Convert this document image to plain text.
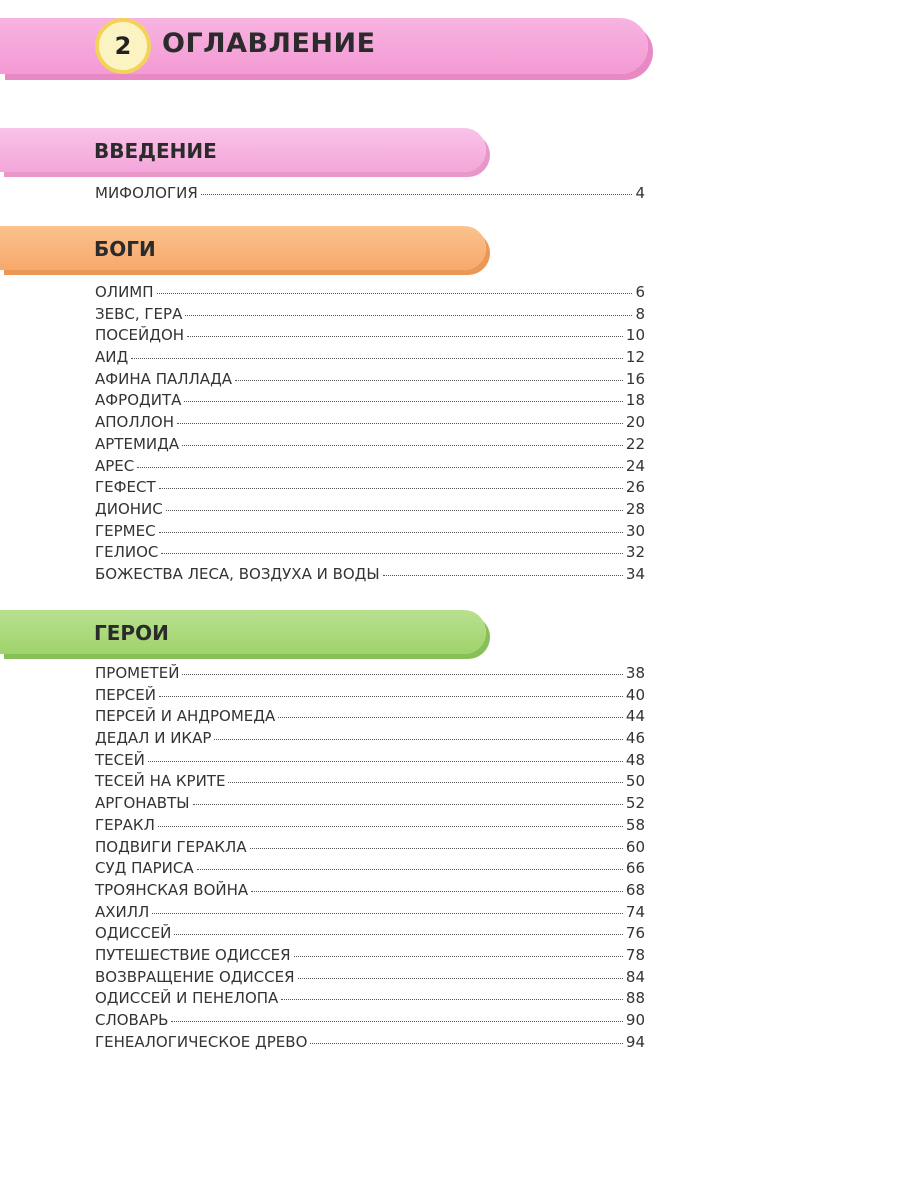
2	ОГЛАВЛЕНИЕ
ВВЕДЕНИЕ
МИФОЛОГИЯ	4
БОГИ
ОЛИМП	6
ЗЕВС, ГЕРА	8
ПОСЕЙДОН	10
АИД	12
АФИНА ПАЛЛАДА	16
АФРОДИТА	18
АПОЛЛОН	20
АРТЕМИДА	22
АРЕС	24
ГЕФЕСТ	26
ДИОНИС	28
ГЕРМЕС	30
ГЕЛИОС	32
БОЖЕСТВА ЛЕСА, ВОЗДУХА И ВОДЫ	34
ГЕРОИ
ПРОМЕТЕЙ	38
ПЕРСЕЙ	40
ПЕРСЕЙ И АНДРОМЕДА	44
ДЕДАЛ И ИКАР	46
ТЕСЕЙ	48
ТЕСЕЙ НА КРИТЕ	50
АРГОНАВТЫ	52
ГЕРАКЛ	58
ПОДВИГИ ГЕРАКЛА	60
СУД ПАРИСА	66
ТРОЯНСКАЯ ВОЙНА	68
АХИЛЛ	74
ОДИССЕЙ	76
ПУТЕШЕСТВИЕ ОДИССЕЯ	78
ВОЗВРАЩЕНИЕ ОДИССЕЯ	84
ОДИССЕЙ И ПЕНЕЛОПА	88
СЛОВАРЬ	90
ГЕНЕАЛОГИЧЕСКОЕ ДРЕВО	94
